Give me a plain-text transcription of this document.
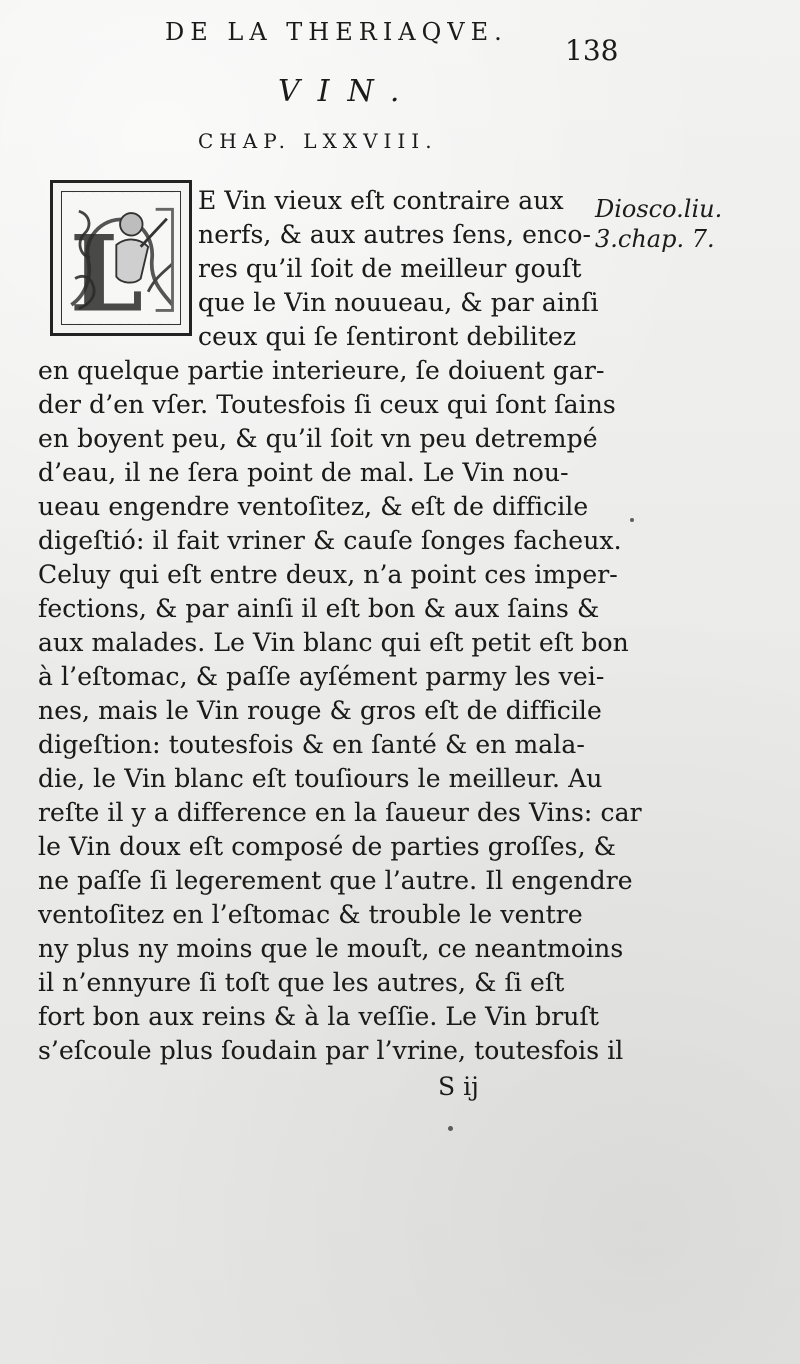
DE LA THERIAQVE.
138
VIN.
CHAP. LXXVIII.
L
Diosco.liu.
3.chap. 7.
E Vin vieux eſt contraire aux
nerfs, & aux autres ſens, enco-
res qu’il ſoit de meilleur gouſt
que le Vin nouueau, & par ainſi
ceux qui ſe ſentiront debilitez
en quelque partie interieure, ſe doiuent gar-
der d’en vſer. Toutesfois ſi ceux qui ſont ſains
en boyent peu, & qu’il ſoit vn peu detrempé
d’eau, il ne ſera point de mal. Le Vin nou-
ueau engendre ventoſitez, & eſt de difficile
digeſtió: il fait vriner & cauſe ſonges facheux.
Celuy qui eſt entre deux, n’a point ces imper-
fections, & par ainſi il eſt bon & aux ſains &
aux malades. Le Vin blanc qui eſt petit eſt bon
à l’eſtomac, & paſſe ayſément parmy les vei-
nes, mais le Vin rouge & gros eſt de difficile
digeſtion: toutesfois & en ſanté & en mala-
die, le Vin blanc eſt touſiours le meilleur. Au
reſte il y a difference en la ſaueur des Vins: car
le Vin doux eſt composé de parties groſſes, &
ne paſſe ſi legerement que l’autre. Il engendre
ventoſitez en l’eſtomac & trouble le ventre
ny plus ny moins que le mouſt, ce neantmoins
il n’ennyure ſi toſt que les autres, & ſi eſt
fort bon aux reins & à la veſſie. Le Vin bruſt
s’eſcoule plus ſoudain par l’vrine, toutesfois il
S ij
